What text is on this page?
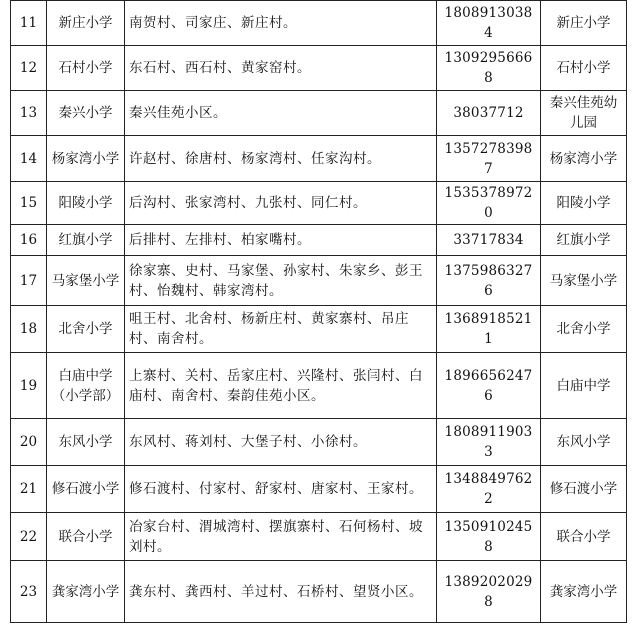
11	新庄小学	南贺村、司家庄、新庄村。	18089130384	新庄小学
12	石村小学	东石村、西石村、黄家窑村。	13092956668	石村小学
13	秦兴小学	秦兴佳苑小区。	38037712	秦兴佳苑幼儿园
14	杨家湾小学	许赵村、徐唐村、杨家湾村、任家沟村。	13572783987	杨家湾小学
15	阳陵小学	后沟村、张家湾村、九张村、同仁村。	15353789720	阳陵小学
16	红旗小学	后排村、左排村、柏家嘴村。	33717834	红旗小学
17	马家堡小学	徐家寨、史村、马家堡、孙家村、朱家乡、彭王村、怡魏村、韩家湾村。	13759863276	马家堡小学
18	北舍小学	咀王村、北舍村、杨新庄村、黄家寨村、吊庄村、南舍村。	13689185211	北舍小学
19	白庙中学（小学部）	上寨村、关村、岳家庄村、兴隆村、张闫村、白庙村、南舍村、秦韵佳苑小区。	18966562476	白庙中学
20	东风小学	东风村、蒋刘村、大堡子村、小徐村。	18089119033	东风小学
21	修石渡小学	修石渡村、付家村、舒家村、唐家村、王家村。	13488497622	修石渡小学
22	联合小学	冶家台村、渭城湾村、摆旗寨村、石何杨村、坡刘村。	13509102458	联合小学
23	龚家湾小学	龚东村、龚西村、羊过村、石桥村、望贤小区。	13892020298	龚家湾小学
